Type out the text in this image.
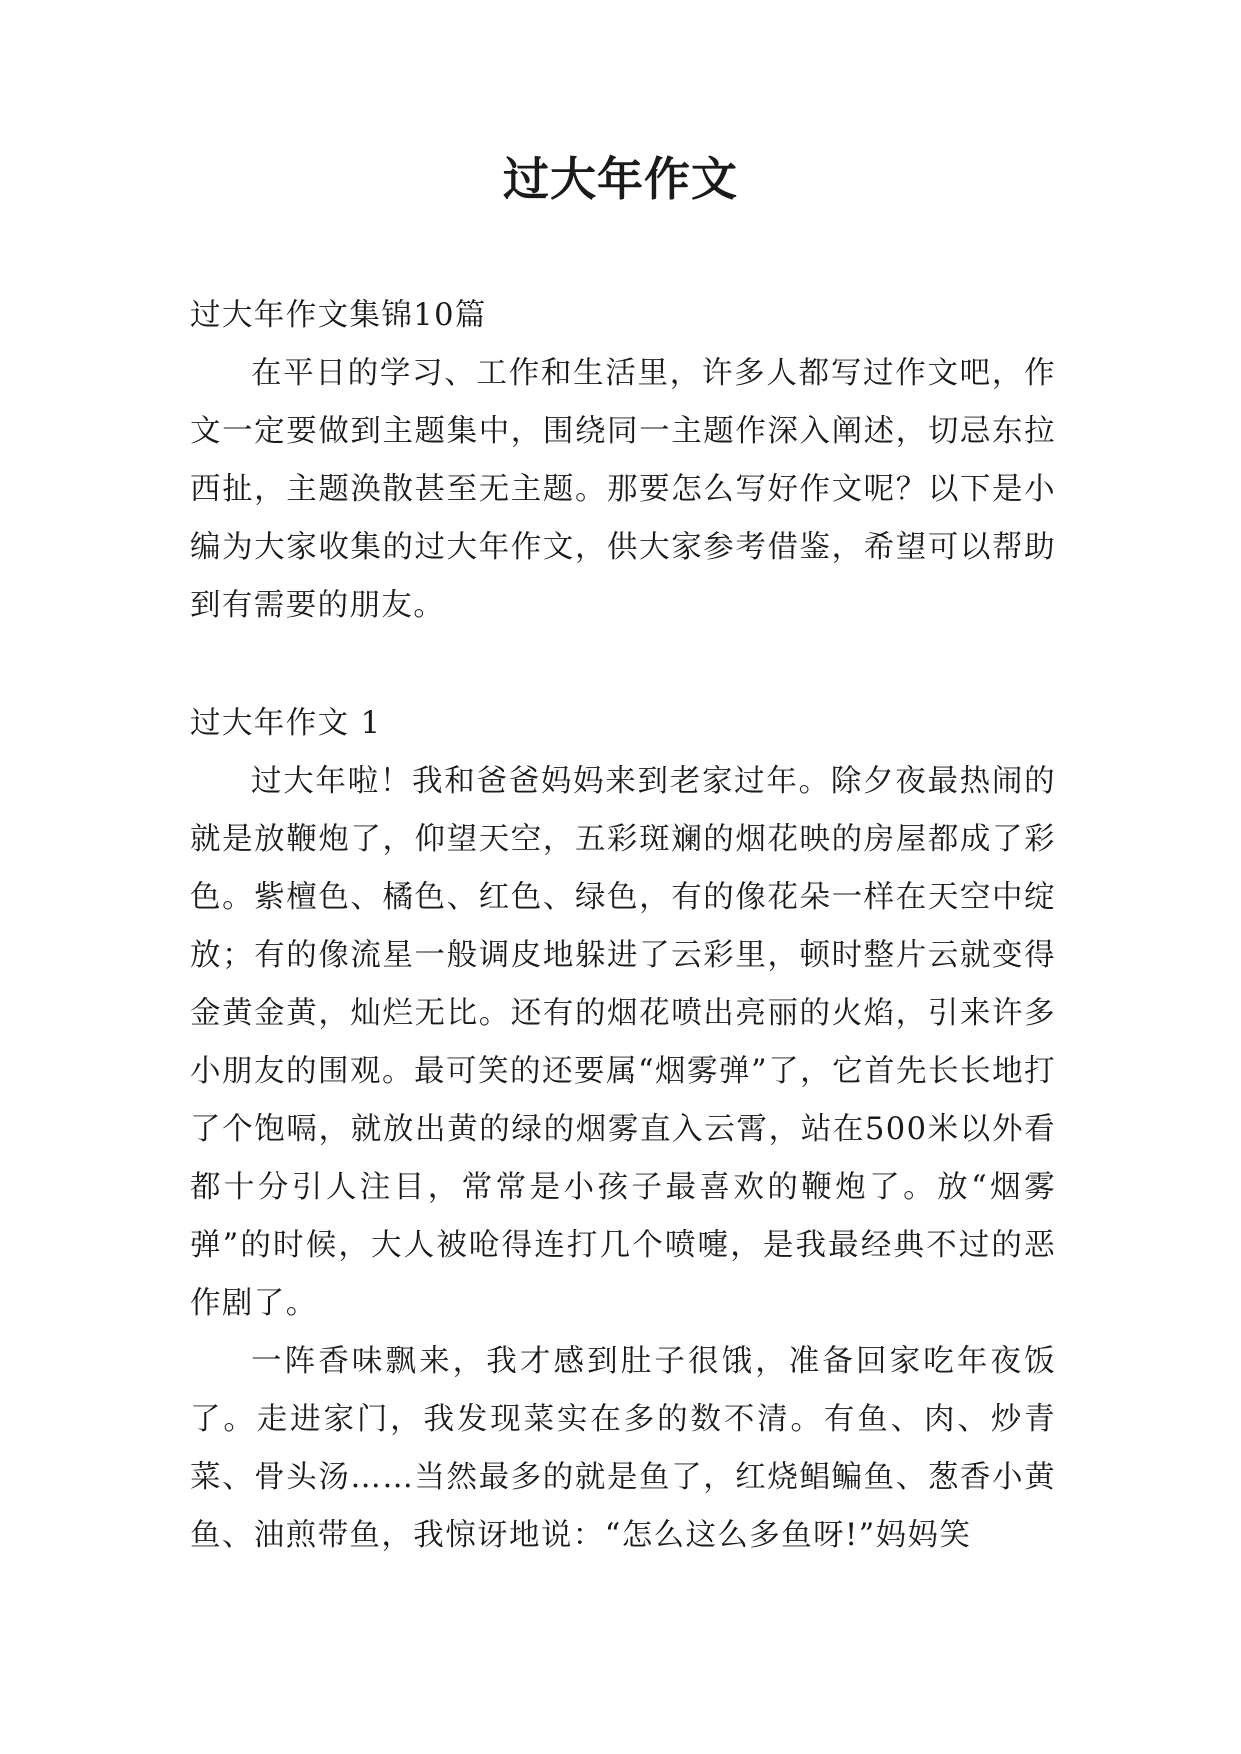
过大年作文
过大年作文集锦10篇

在平日的学习、工作和生活里，许多人都写过作文吧，作文一定要做到主题集中，围绕同一主题作深入阐述，切忌东拉西扯，主题涣散甚至无主题。那要怎么写好作文呢？以下是小编为大家收集的过大年作文，供大家参考借鉴，希望可以帮助到有需要的朋友。

过大年作文 1

过大年啦！我和爸爸妈妈来到老家过年。除夕夜最热闹的就是放鞭炮了，仰望天空，五彩斑斓的烟花映的房屋都成了彩色。紫檀色、橘色、红色、绿色，有的像花朵一样在天空中绽放；有的像流星一般调皮地躲进了云彩里，顿时整片云就变得金黄金黄，灿烂无比。还有的烟花喷出亮丽的火焰，引来许多小朋友的围观。最可笑的还要属“烟雾弹”了，它首先长长地打了个饱嗝，就放出黄的绿的烟雾直入云霄，站在500米以外看都十分引人注目，常常是小孩子最喜欢的鞭炮了。放“烟雾弹”的时候，大人被呛得连打几个喷嚏，是我最经典不过的恶作剧了。

一阵香味飘来，我才感到肚子很饿，准备回家吃年夜饭了。走进家门，我发现菜实在多的数不清。有鱼、肉、炒青菜、骨头汤……当然最多的就是鱼了，红烧鲳鳊鱼、葱香小黄鱼、油煎带鱼，我惊讶地说：“怎么这么多鱼呀!”妈妈笑
